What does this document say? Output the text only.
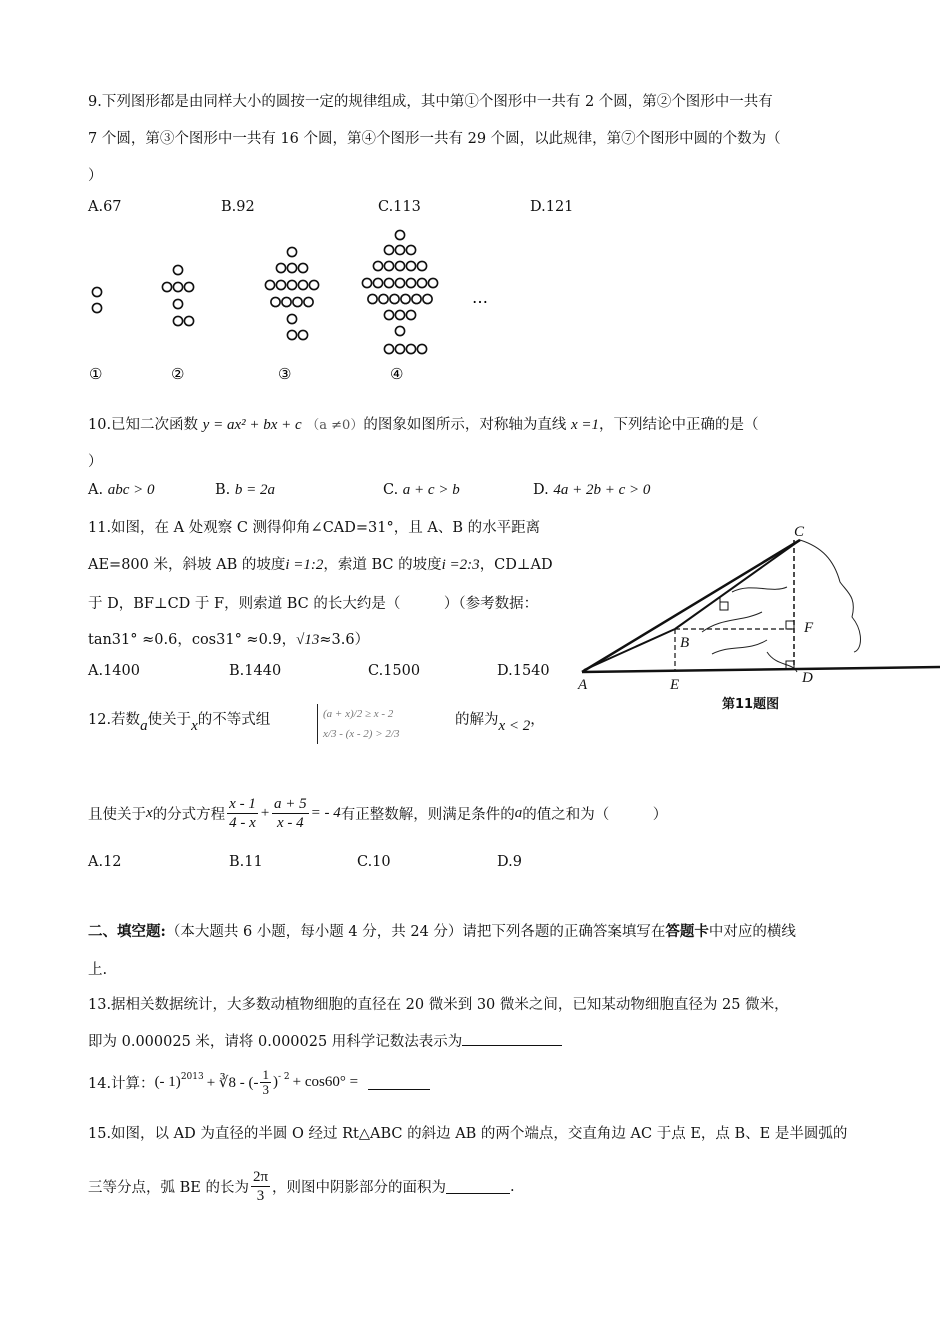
9.下列图形都是由同样大小的圆按一定的规律组成，其中第①个图形中一共有 2 个圆，第②个图形中一共有
7 个圆，第③个图形中一共有 16 个圆，第④个图形一共有 29 个圆，以此规律，第⑦个图形中圆的个数为（
）
A.67	B.92	C.113	D.121
①	②	③	④
…
10.已知二次函数 y = ax² + bx + c （a ≠0）的图象如图所示，对称轴为直线 x =1，下列结论中正确的是（
）
A. abc > 0	B. b = 2a	C. a + c > b	D. 4a + 2b + c > 0
11.如图，在 A 处观察 C 测得仰角∠CAD=31°，且 A、B 的水平距离
AE=800 米，斜坡 AB 的坡度i =1:2，索道 BC 的坡度i =2:3，CD⊥AD
于 D，BF⊥CD 于 F，则索道 BC 的长大约是（　　　）（参考数据：
tan31° ≈0.6，cos31° ≈0.9，√13≈3.6）
A.1400	B.1440	C.1500	D.1540
C
B
F
A	E	D
第11题图
12.若数a使关于x的不等式组	(a + x)/2 ≥ x - 2
x/3 - (x - 2) > 2/3
的解为x < 2，
且使关于 x 的分式方程 $\frac{x - 1}{4 - x} + \frac{a + 5}{x - 4}$ = - 4 有正整数解，则满足条件的 a 的值之和为（　　　）
A.12	B.11	C.10	D.9
二、填空题:（本大题共 6 小题，每小题 4 分，共 24 分）请把下列各题的正确答案填写在答题卡中对应的横线
上.
13.据相关数据统计，大多数动植物细胞的直径在 20 微米到 30 微米之间，已知某动物细胞直径为 25 微米，
即为 0.000025 米，请将 0.000025 用科学记数法表示为
14.计算： (- 1)$^{2013}$ + ∛8 - (- $\frac{1}{3} )^{- 2} + \cos 60^\circ$ =
15.如图，以 AD 为直径的半圆 O 经过 Rt△ABC 的斜边 AB 的两个端点，交直角边 AC 于点 E，点 B、E 是半圆弧的
三等分点，弧 BE 的长为 $\frac{2\pi}{3}$ ，则图中阴影部分的面积为	.
